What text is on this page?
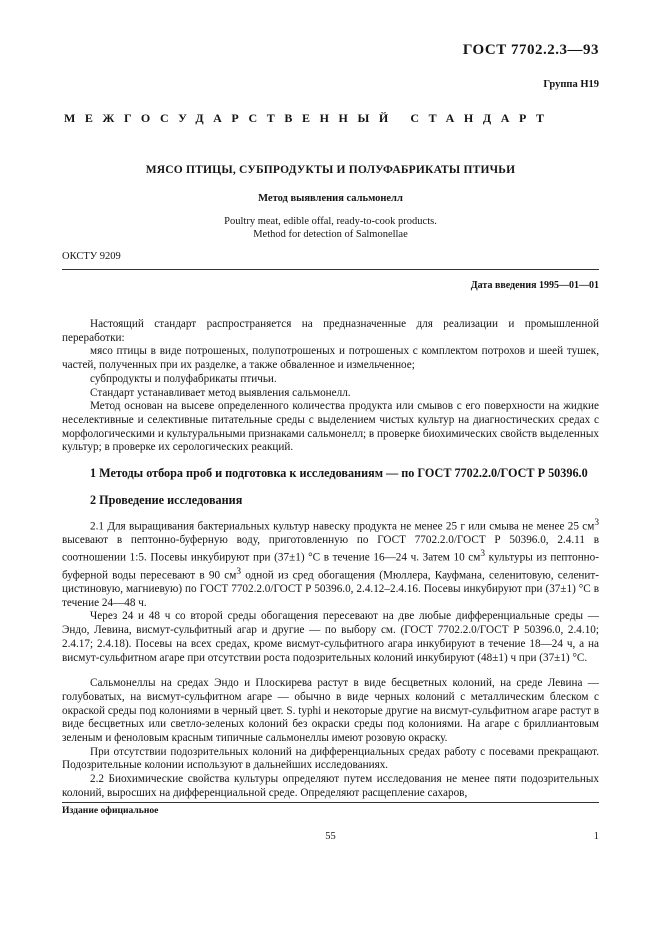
ГОСТ 7702.2.3—93
Группа Н19
МЕЖГОСУДАРСТВЕННЫЙ СТАНДАРТ
МЯСО ПТИЦЫ, СУБПРОДУКТЫ И ПОЛУФАБРИКАТЫ ПТИЧЬИ
Метод выявления сальмонелл
Poultry meat, edible offal, ready-to-cook products.
Method for detection of Salmonellae
ОКСТУ 9209
Дата введения 1995—01—01

Настоящий стандарт распространяется на предназначенные для реализации и промышленной переработки:

мясо птицы в виде потрошеных, полупотрошеных и потрошеных с комплектом потрохов и шеей тушек, частей, полученных при их разделке, а также обваленное и измельченное;

субпродукты и полуфабрикаты птичьи.

Стандарт устанавливает метод выявления сальмонелл.

Метод основан на высеве определенного количества продукта или смывов с его поверхности на жидкие неселективные и селективные питательные среды с выделением чистых культур на диагностических средах с морфологическими и культуральными признаками сальмонелл; в проверке биохимических свойств выделенных культур; в проверке их серологических реакций.

1 Методы отбора проб и подготовка к исследованиям — по ГОСТ 7702.2.0/ГОСТ Р 50396.0
2 Проведение исследования

2.1 Для выращивания бактериальных культур навеску продукта не менее 25 г или смыва не менее 25 $см^3$ высевают в пептонно-буферную воду, приготовленную по ГОСТ 7702.2.0/ГОСТ Р 50396.0, 2.4.11 в соотношении 1:5. Посевы инкубируют при (37±1) °С в течение 16—24 ч. Затем 10 $см^3$ культуры из пептонно-буферной воды пересевают в 90 $см^3$ одной из сред обогащения (Мюллера, Кауфмана, селенитовую, селенит-цистиновую, магниевую) по ГОСТ 7702.2.0/ГОСТ Р 50396.0, 2.4.12–2.4.16. Посевы инкубируют при (37±1) °С в течение 24—48 ч.

Через 24 и 48 ч со второй среды обогащения пересевают на две любые дифференциальные среды — Эндо, Левина, висмут-сульфитный агар и другие — по выбору см. (ГОСТ 7702.2.0/ГОСТ Р 50396.0, 2.4.10; 2.4.17; 2.4.18). Посевы на всех средах, кроме висмут-сульфитного агара инкубируют в течение 18—24 ч, а на висмут-сульфитном агаре при отсутствии роста подозрительных колоний инкубируют (48±1) ч при (37±1) °С.

Сальмонеллы на средах Эндо и Плоскирева растут в виде бесцветных колоний, на среде Левина — голубоватых, на висмут-сульфитном агаре — обычно в виде черных колоний с металлическим блеском с окраской среды под колониями в черный цвет. S. typhi и некоторые другие на висмут-сульфитном агаре растут в виде бесцветных или светло-зеленых колоний без окраски среды под колониями. На агаре с бриллиантовым зеленым и феноловым красным типичные сальмонеллы имеют розовую окраску.

При отсутствии подозрительных колоний на дифференциальных средах работу с посевами прекращают. Подозрительные колонии используют в дальнейших исследованиях.

2.2 Биохимические свойства культуры определяют путем исследования не менее пяти подозрительных колоний, выросших на дифференциальной среде. Определяют расщепление сахаров,

Издание официальное
55	1
